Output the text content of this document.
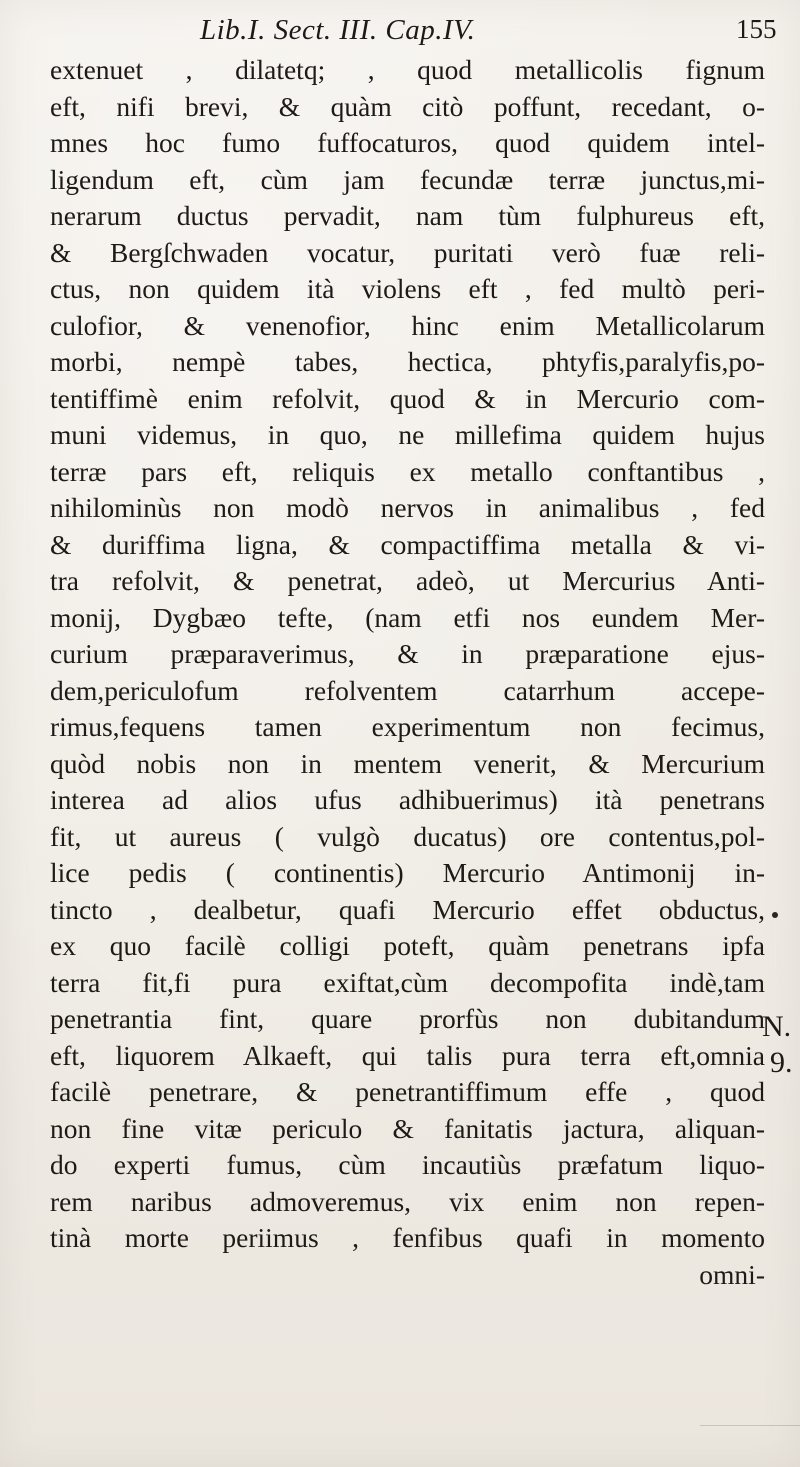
Lib.I. Sect. III. Cap.IV.	155
extenuet , dilatetq; , quod metallicolis fignum
eft, nifi brevi, & quàm citò poffunt, recedant, o-
mnes hoc fumo fuffocaturos, quod quidem intel-
ligendum eft, cùm jam fecundæ terræ junctus,mi-
nerarum ductus pervadit, nam tùm fulphureus eft,
& Bergſchwaden vocatur, puritati verò fuæ reli-
ctus, non quidem ità violens eft , fed multò peri-
culofior, & venenofior, hinc enim Metallicolarum
morbi, nempè tabes, hectica, phtyfis,paralyfis,po-
tentiffimè enim refolvit, quod & in Mercurio com-
muni videmus, in quo, ne millefima quidem hujus
terræ pars eft, reliquis ex metallo conftantibus ,
nihilominùs non modò nervos in animalibus , fed
& duriffima ligna, & compactiffima metalla & vi-
tra refolvit, & penetrat, adeò, ut Mercurius Anti-
monij, Dygbæo tefte, (nam etfi nos eundem Mer-
curium præparaverimus, & in præparatione ejus-
dem,periculofum refolventem catarrhum accepe-
rimus,fequens tamen experimentum non fecimus,
quòd nobis non in mentem venerit, & Mercurium
interea ad alios ufus adhibuerimus) ità penetrans
fit, ut aureus ( vulgò ducatus) ore contentus,pol-
lice pedis ( continentis) Mercurio Antimonij in-
tincto , dealbetur, quafi Mercurio effet obductus,
ex quo facilè colligi poteft, quàm penetrans ipfa
terra fit,fi pura exiftat,cùm decompofita indè,tam
penetrantia fint, quare prorfùs non dubitandum
eft, liquorem Alkaeft, qui talis pura terra eft,omnia
facilè penetrare, & penetrantiffimum effe , quod
non fine vitæ periculo & fanitatis jactura, aliquan-
do experti fumus, cùm incautiùs præfatum liquo-
rem naribus admoveremus, vix enim non repen-
tinà morte periimus , fenfibus quafi in momento
omni-
N.
9.
